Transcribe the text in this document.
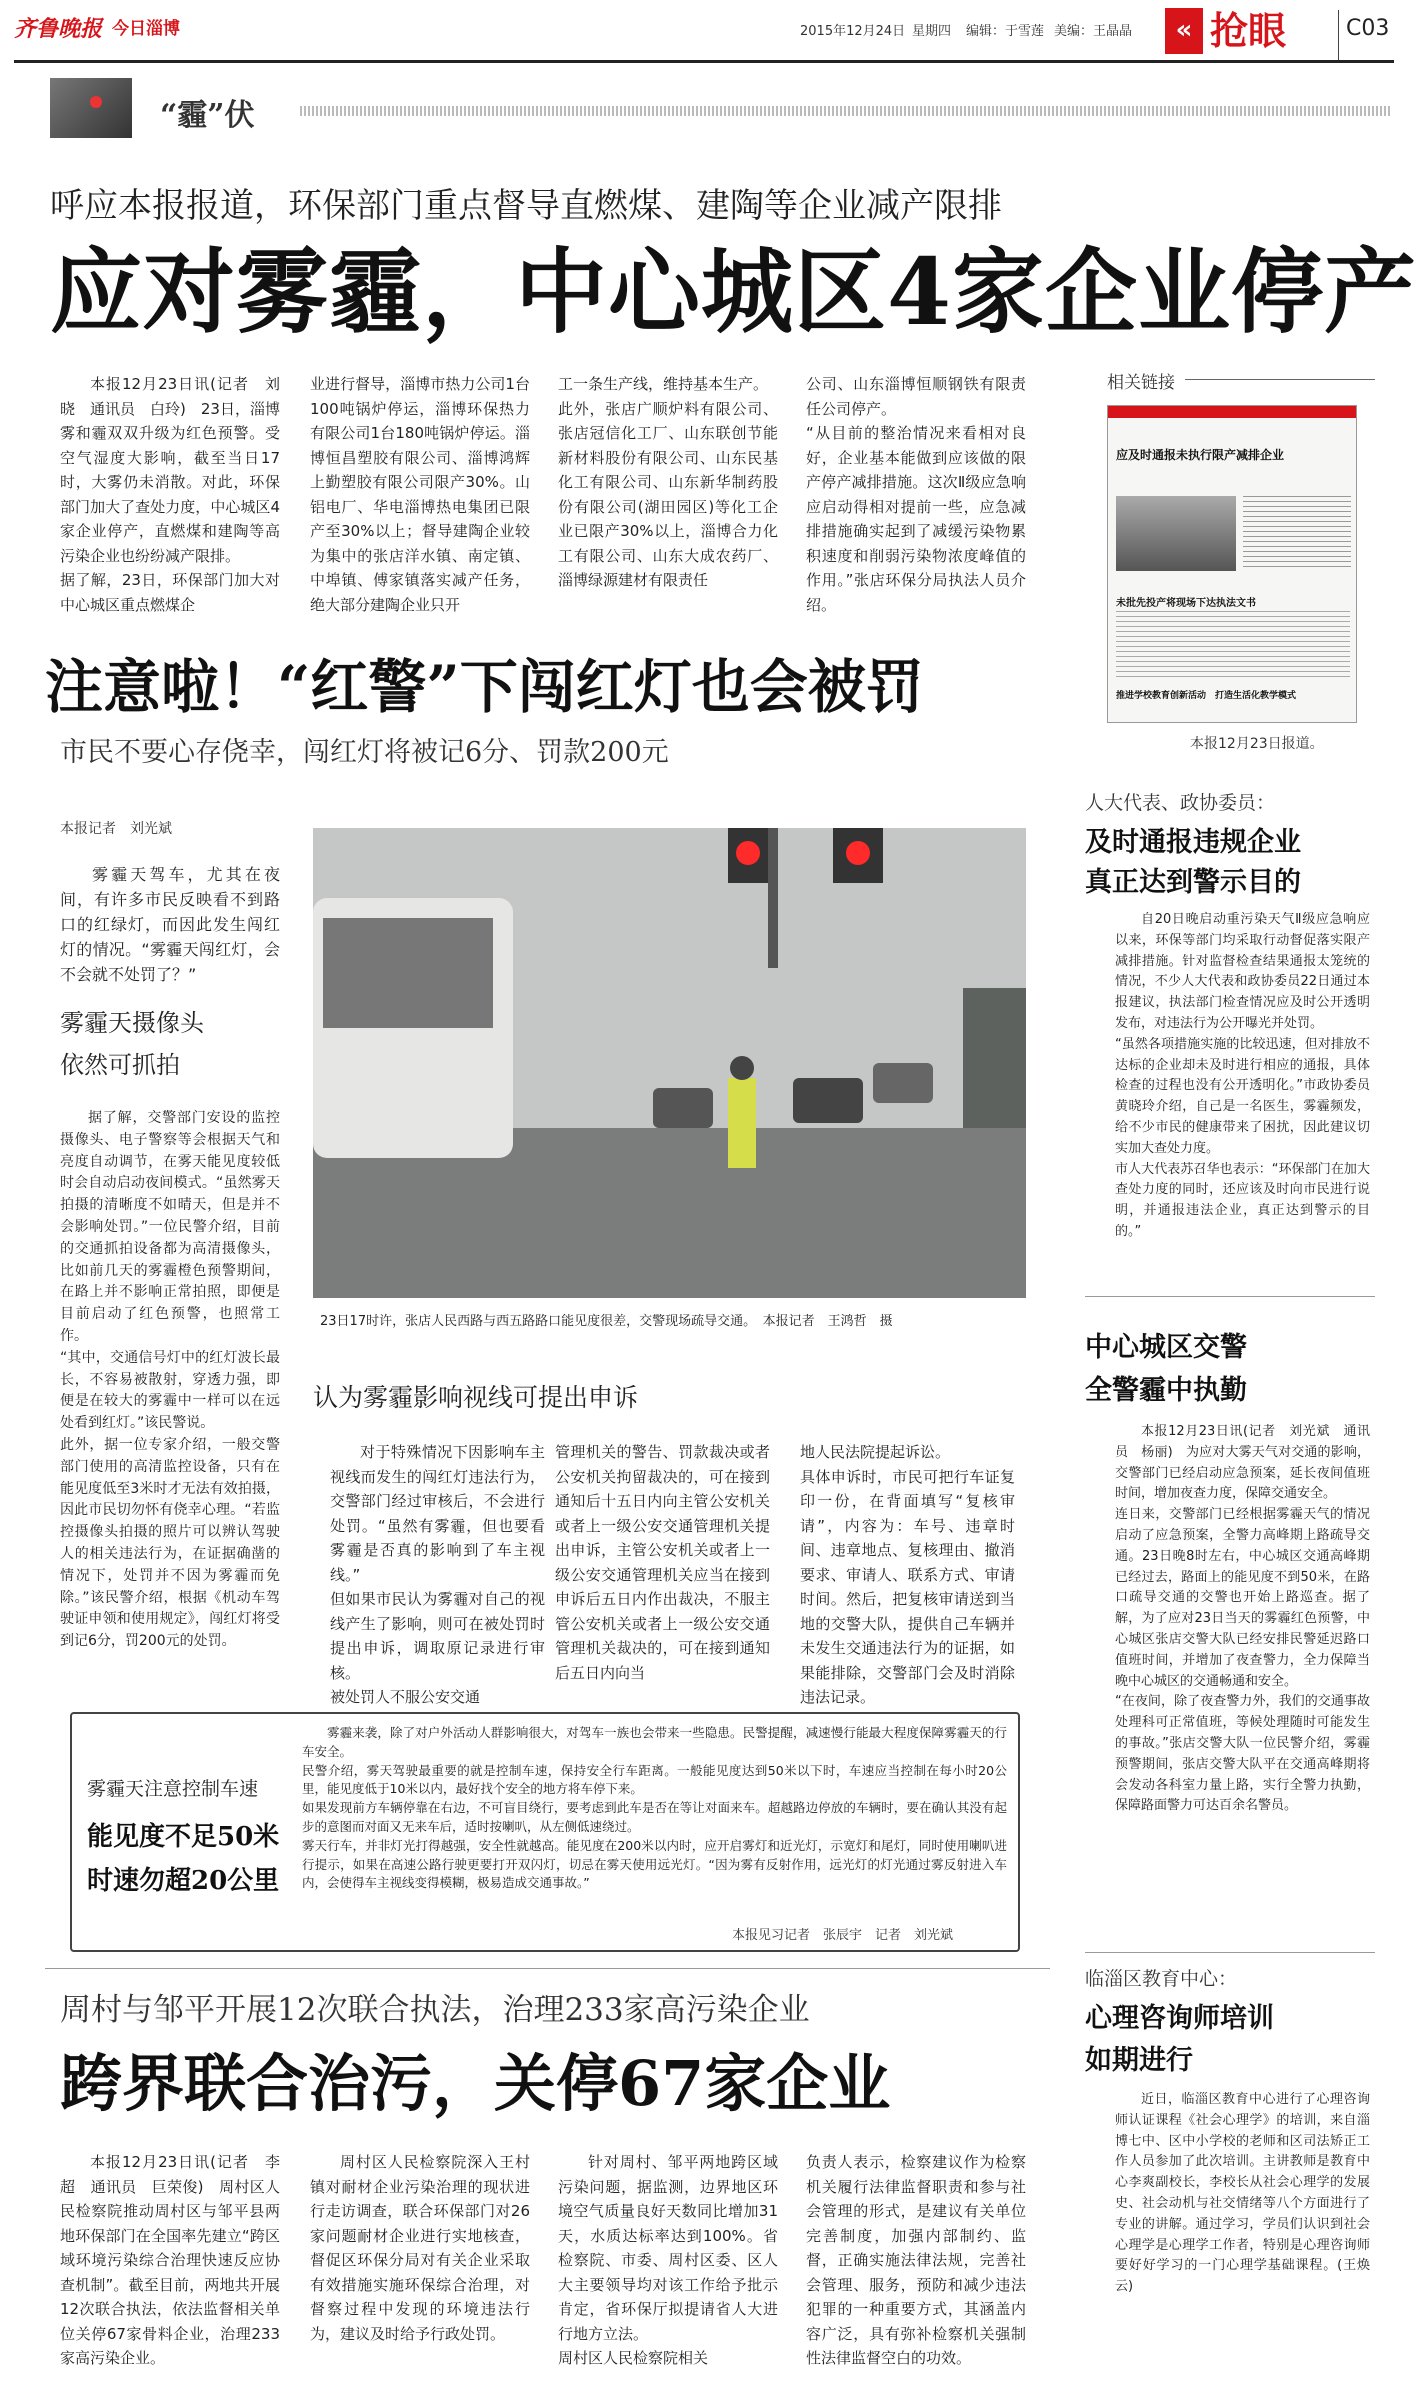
齐鲁晚报 今日淄博	2015年12月24日 星期四 编辑：于雪莲 美编：王晶晶	« 抢眼	C03
“霾”伏
呼应本报报道，环保部门重点督导直燃煤、建陶等企业减产限排
应对雾霾，中心城区4家企业停产

本报12月23日讯(记者　刘晓　通讯员　白玲)　23日，淄博雾和霾双双升级为红色预警。受空气湿度大影响，截至当日17时，大雾仍未消散。对此，环保部门加大了查处力度，中心城区4家企业停产，直燃煤和建陶等高污染企业也纷纷减产限排。
据了解，23日，环保部门加大对中心城区重点燃煤企

业进行督导，淄博市热力公司1台100吨锅炉停运，淄博环保热力有限公司1台180吨锅炉停运。淄博恒昌塑胶有限公司、淄博鸿辉上勤塑胶有限公司限产30%。山铝电厂、华电淄博热电集团已限产至30%以上；督导建陶企业较为集中的张店洋水镇、南定镇、中埠镇、傅家镇落实减产任务，绝大部分建陶企业只开

工一条生产线，维持基本生产。
此外，张店广顺炉料有限公司、张店冠信化工厂、山东联创节能新材料股份有限公司、山东民基化工有限公司、山东新华制药股份有限公司(湖田园区)等化工企业已限产30%以上，淄博合力化工有限公司、山东大成农药厂、淄博绿源建材有限责任

公司、山东淄博恒顺钢铁有限责任公司停产。
“从目前的整治情况来看相对良好，企业基本能做到应该做的限产停产减排措施。这次Ⅱ级应急响应启动得相对提前一些，应急减排措施确实起到了减缓污染物累积速度和削弱污染物浓度峰值的作用。”张店环保分局执法人员介绍。

相关链接
应及时通报未执行限产减排企业
未批先投产将现场下达执法文书
推进学校教育创新活动　打造生活化教学模式
本报12月23日报道。
注意啦！“红警”下闯红灯也会被罚
市民不要心存侥幸，闯红灯将被记6分、罚款200元
本报记者　刘光斌

雾霾天驾车，尤其在夜间，有许多市民反映看不到路口的红绿灯，而因此发生闯红灯的情况。“雾霾天闯红灯，会不会就不处罚了？”

雾霾天摄像头
依然可抓拍

据了解，交警部门安设的监控摄像头、电子警察等会根据天气和亮度自动调节，在雾天能见度较低时会自动启动夜间模式。“虽然雾天拍摄的清晰度不如晴天，但是并不会影响处罚。”一位民警介绍，目前的交通抓拍设备都为高清摄像头，比如前几天的雾霾橙色预警期间，在路上并不影响正常拍照，即便是目前启动了红色预警，也照常工作。
“其中，交通信号灯中的红灯波长最长，不容易被散射，穿透力强，即便是在较大的雾霾中一样可以在远处看到红灯。”该民警说。
此外，据一位专家介绍，一般交警部门使用的高清监控设备，只有在能见度低至3米时才无法有效拍摄，因此市民切勿怀有侥幸心理。“若监控摄像头拍摄的照片可以辨认驾驶人的相关违法行为，在证据确凿的情况下，处罚并不因为雾霾而免除。”该民警介绍，根据《机动车驾驶证申领和使用规定》，闯红灯将受到记6分，罚200元的处罚。

23日17时许，张店人民西路与西五路路口能见度很差，交警现场疏导交通。　本报记者　王鸿哲　摄
认为雾霾影响视线可提出申诉

对于特殊情况下因影响车主视线而发生的闯红灯违法行为，交警部门经过审核后，不会进行处罚。“虽然有雾霾，但也要看雾霾是否真的影响到了车主视线。”
但如果市民认为雾霾对自己的视线产生了影响，则可在被处罚时提出申诉，调取原记录进行审核。
被处罚人不服公安交通

管理机关的警告、罚款裁决或者公安机关拘留裁决的，可在接到通知后十五日内向主管公安机关或者上一级公安交通管理机关提出申诉，主管公安机关或者上一级公安交通管理机关应当在接到申诉后五日内作出裁决，不服主管公安机关或者上一级公安交通管理机关裁决的，可在接到通知后五日内向当

地人民法院提起诉讼。
具体申诉时，市民可把行车证复印一份，在背面填写“复核审请”，内容为：车号、违章时间、违章地点、复核理由、撤消要求、审请人、联系方式、审请时间。然后，把复核审请送到当地的交警大队，提供自己车辆并未发生交通违法行为的证据，如果能排除，交警部门会及时消除违法记录。

雾霾天注意控制车速
能见度不足50米
时速勿超20公里

雾霾来袭，除了对户外活动人群影响很大，对驾车一族也会带来一些隐患。民警提醒，减速慢行能最大程度保障雾霾天的行车安全。
民警介绍，雾天驾驶最重要的就是控制车速，保持安全行车距离。一般能见度达到50米以下时，车速应当控制在每小时20公里，能见度低于10米以内，最好找个安全的地方将车停下来。
如果发现前方车辆停靠在右边，不可盲目绕行，要考虑到此车是否在等让对面来车。超越路边停放的车辆时，要在确认其没有起步的意图而对面又无来车后，适时按喇叭，从左侧低速绕过。
雾天行车，并非灯光打得越强，安全性就越高。能见度在200米以内时，应开启雾灯和近光灯，示宽灯和尾灯，同时使用喇叭进行提示，如果在高速公路行驶更要打开双闪灯，切忌在雾天使用远光灯。“因为雾有反射作用，远光灯的灯光通过雾反射进入车内，会使得车主视线变得模糊，极易造成交通事故。”

本报见习记者　张辰宇　记者　刘光斌
人大代表、政协委员：
及时通报违规企业
真正达到警示目的

自20日晚启动重污染天气Ⅱ级应急响应以来，环保等部门均采取行动督促落实限产减排措施。针对监督检查结果通报太笼统的情况，不少人大代表和政协委员22日通过本报建议，执法部门检查情况应及时公开透明发布，对违法行为公开曝光并处罚。
“虽然各项措施实施的比较迅速，但对排放不达标的企业却未及时进行相应的通报，具体检查的过程也没有公开透明化。”市政协委员黄晓玲介绍，自己是一名医生，雾霾频发，给不少市民的健康带来了困扰，因此建议切实加大查处力度。
市人大代表苏召华也表示：“环保部门在加大查处力度的同时，还应该及时向市民进行说明，并通报违法企业，真正达到警示的目的。”

中心城区交警
全警霾中执勤

本报12月23日讯(记者　刘光斌　通讯员　杨丽)　为应对大雾天气对交通的影响，交警部门已经启动应急预案，延长夜间值班时间，增加夜查力度，保障交通安全。
连日来，交警部门已经根据雾霾天气的情况启动了应急预案，全警力高峰期上路疏导交通。23日晚8时左右，中心城区交通高峰期已经过去，路面上的能见度不到50米，在路口疏导交通的交警也开始上路巡查。据了解，为了应对23日当天的雾霾红色预警，中心城区张店交警大队已经安排民警延迟路口值班时间，并增加了夜查警力，全力保障当晚中心城区的交通畅通和安全。
“在夜间，除了夜查警力外，我们的交通事故处理科可正常值班，等候处理随时可能发生的事故。”张店交警大队一位民警介绍，雾霾预警期间，张店交警大队平在交通高峰期将会发动各科室力量上路，实行全警力执勤，保障路面警力可达百余名警员。

周村与邹平开展12次联合执法，治理233家高污染企业
跨界联合治污，关停67家企业

本报12月23日讯(记者　李超　通讯员　巨荣俊)　周村区人民检察院推动周村区与邹平县两地环保部门在全国率先建立“跨区域环境污染综合治理快速反应协查机制”。截至目前，两地共开展12次联合执法，依法监督相关单位关停67家骨料企业，治理233家高污染企业。

周村区人民检察院深入王村镇对耐材企业污染治理的现状进行走访调查，联合环保部门对26家问题耐材企业进行实地核查，督促区环保分局对有关企业采取有效措施实施环保综合治理，对督察过程中发现的环境违法行为，建议及时给予行政处罚。

针对周村、邹平两地跨区域污染问题，据监测，边界地区环境空气质量良好天数同比增加31天，水质达标率达到100%。省检察院、市委、周村区委、区人大主要领导均对该工作给予批示肯定，省环保厅拟提请省人大进行地方立法。
周村区人民检察院相关

负责人表示，检察建议作为检察机关履行法律监督职责和参与社会管理的形式，是建议有关单位完善制度，加强内部制约、监督，正确实施法律法规，完善社会管理、服务，预防和减少违法犯罪的一种重要方式，其涵盖内容广泛，具有弥补检察机关强制性法律监督空白的功效。

临淄区教育中心：
心理咨询师培训
如期进行

近日，临淄区教育中心进行了心理咨询师认证课程《社会心理学》的培训，来自淄博七中、区中小学校的老师和区司法矫正工作人员参加了此次培训。主讲教师是教育中心李爽副校长，李校长从社会心理学的发展史、社会动机与社交情绪等八个方面进行了专业的讲解。通过学习，学员们认识到社会心理学是心理学工作者，特别是心理咨询师要好好学习的一门心理学基础课程。(王焕云)
